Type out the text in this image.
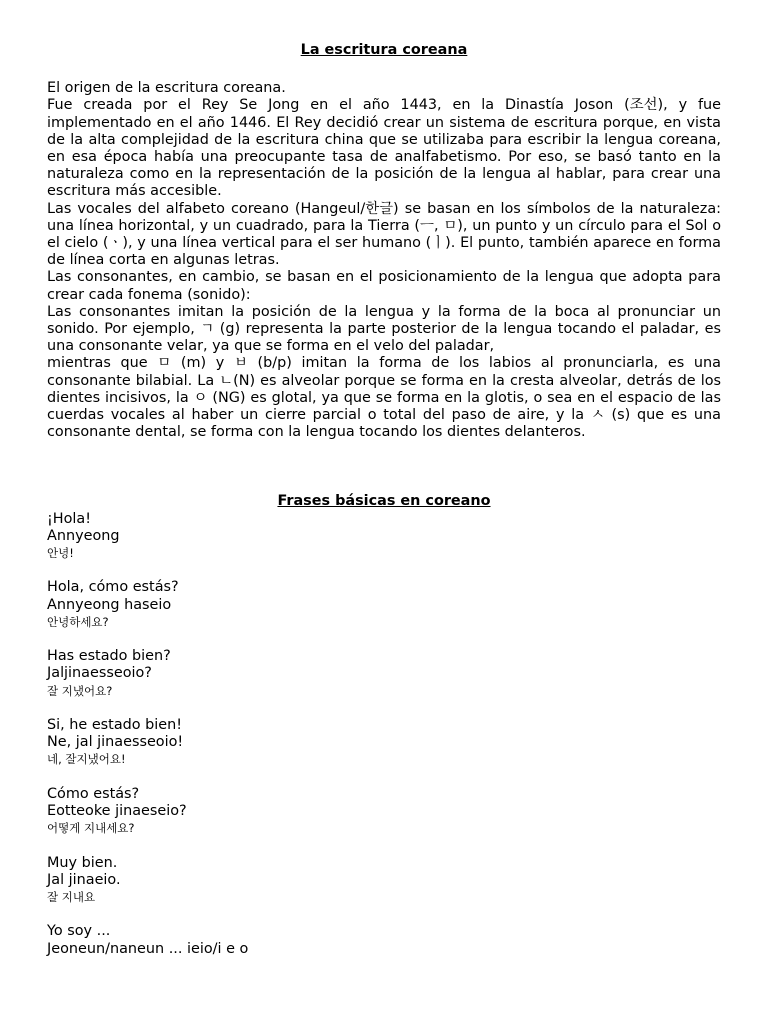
La escritura coreana

El origen de la escritura coreana.

Fue creada por el Rey Se Jong en el año 1443, en la Dinastía Joson (조선), y fue implementado en el año 1446. El Rey decidió crear un sistema de escritura porque, en vista de la alta complejidad de la escritura china que se utilizaba para escribir la lengua coreana, en esa época había una preocupante tasa de analfabetismo. Por eso, se basó tanto en la naturaleza como en la representación de la posición de la lengua al hablar, para crear una escritura más accesible.

Las vocales del alfabeto coreano (Hangeul/한글) se basan en los símbolos de la naturaleza: una línea horizontal, y un cuadrado, para la Tierra (ㅡ, ㅁ), un punto y un círculo para el Sol o el cielo (ㆍ), y una línea vertical para el ser humano (ㅣ). El punto, también aparece en forma de línea corta en algunas letras.

Las consonantes, en cambio, se basan en el posicionamiento de la lengua que adopta para crear cada fonema (sonido):

Las consonantes imitan la posición de la lengua y la forma de la boca al pronunciar un sonido. Por ejemplo, ㄱ (g) representa la parte posterior de la lengua tocando el paladar, es una consonante velar, ya que se forma en el velo del paladar,

mientras que ㅁ (m) y ㅂ (b/p) imitan la forma de los labios al pronunciarla, es una consonante bilabial. La ㄴ(N) es alveolar porque se forma en la cresta alveolar, detrás de los dientes incisivos, la ㅇ (NG) es glotal, ya que se forma en la glotis, o sea en el espacio de las cuerdas vocales al haber un cierre parcial o total del paso de aire, y la ㅅ (s) que es una consonante dental, se forma con la lengua tocando los dientes delanteros.

Frases básicas en coreano

¡Hola!

Annyeong

안녕!

Hola, cómo estás?

Annyeong haseio

안녕하세요?

Has estado bien?

Jaljinaesseoio?

잘 지냈어요?

Si, he estado bien!

Ne, jal jinaesseoio!

네, 잘지냈어요!

Cómo estás?

Eotteoke jinaeseio?

어떻게 지내세요?

Muy bien.

Jal jinaeio.

잘 지내요

Yo soy ...

Jeoneun/naneun ... ieio/i e o
